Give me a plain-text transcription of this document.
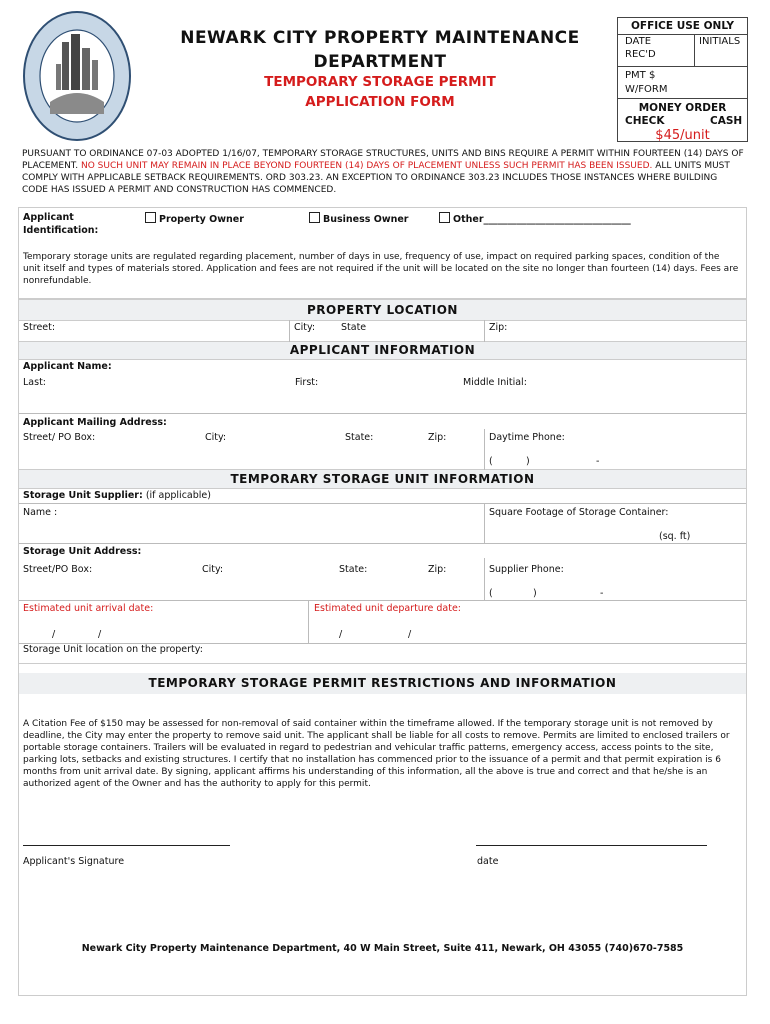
NEWARK CITY PROPERTY MAINTENANCE
DEPARTMENT
TEMPORARY STORAGE PERMIT
APPLICATION FORM
OFFICE USE ONLY
DATE
REC'D
INITIALS
PMT $
W/FORM
MONEY ORDER
CHECK	CASH
$45/unit
PURSUANT TO ORDINANCE 07-03 ADOPTED 1/16/07, TEMPORARY STORAGE STRUCTURES, UNITS AND BINS REQUIRE A PERMIT WITHIN FOURTEEN (14) DAYS OF PLACEMENT. NO SUCH UNIT MAY REMAIN IN PLACE BEYOND FOURTEEN (14) DAYS OF PLACEMENT UNLESS SUCH PERMIT HAS BEEN ISSUED. ALL UNITS MUST COMPLY WITH APPLICABLE SETBACK REQUIREMENTS. ORD 303.23. AN EXCEPTION TO ORDINANCE 303.23 INCLUDES THOSE INSTANCES WHERE BUILDING CODE HAS ISSUED A PERMIT AND CONSTRUCTION HAS COMMENCED.
Applicant
Identification:
Property Owner	Business Owner	Other_______________________________
Temporary storage units are regulated regarding placement, number of days in use, frequency of use, impact on required parking spaces, condition of the unit itself and types of materials stored. Application and fees are not required if the unit will be located on the site no longer than fourteen (14) days. Fees are nonrefundable.
PROPERTY LOCATION
Street:	City:	State	Zip:
APPLICANT INFORMATION
Applicant Name:
Last:	First:	Middle Initial:
Applicant Mailing Address:
Street/ PO Box:	City:	State:	Zip:	Daytime Phone:
(	)	-
TEMPORARY STORAGE UNIT INFORMATION
Storage Unit Supplier: (if applicable)
Name :	Square Footage of Storage Container:
(sq. ft)
Storage Unit Address:
Street/PO Box:	City:	State:	Zip:	Supplier Phone:
(	)	-
Estimated unit arrival date:	Estimated unit departure date:
/	/	/	/
Storage Unit location on the property:
TEMPORARY STORAGE PERMIT RESTRICTIONS AND INFORMATION
A Citation Fee of $150 may be assessed for non-removal of said container within the timeframe allowed. If the temporary storage unit is not removed by deadline, the City may enter the property to remove said unit. The applicant shall be liable for all costs to remove. Permits are limited to enclosed trailers or portable storage containers. Trailers will be evaluated in regard to pedestrian and vehicular traffic patterns, emergency access, access points to the site, parking lots, setbacks and existing structures. I certify that no installation has commenced prior to the issuance of a permit and that permit expiration is 6 months from unit arrival date. By signing, applicant affirms his understanding of this information, all the above is true and correct and that he/she is an authorized agent of the Owner and has the authority to apply for this permit.
Applicant's Signature	date
Newark City Property Maintenance Department, 40 W Main Street, Suite 411, Newark, OH 43055 (740)670-7585
